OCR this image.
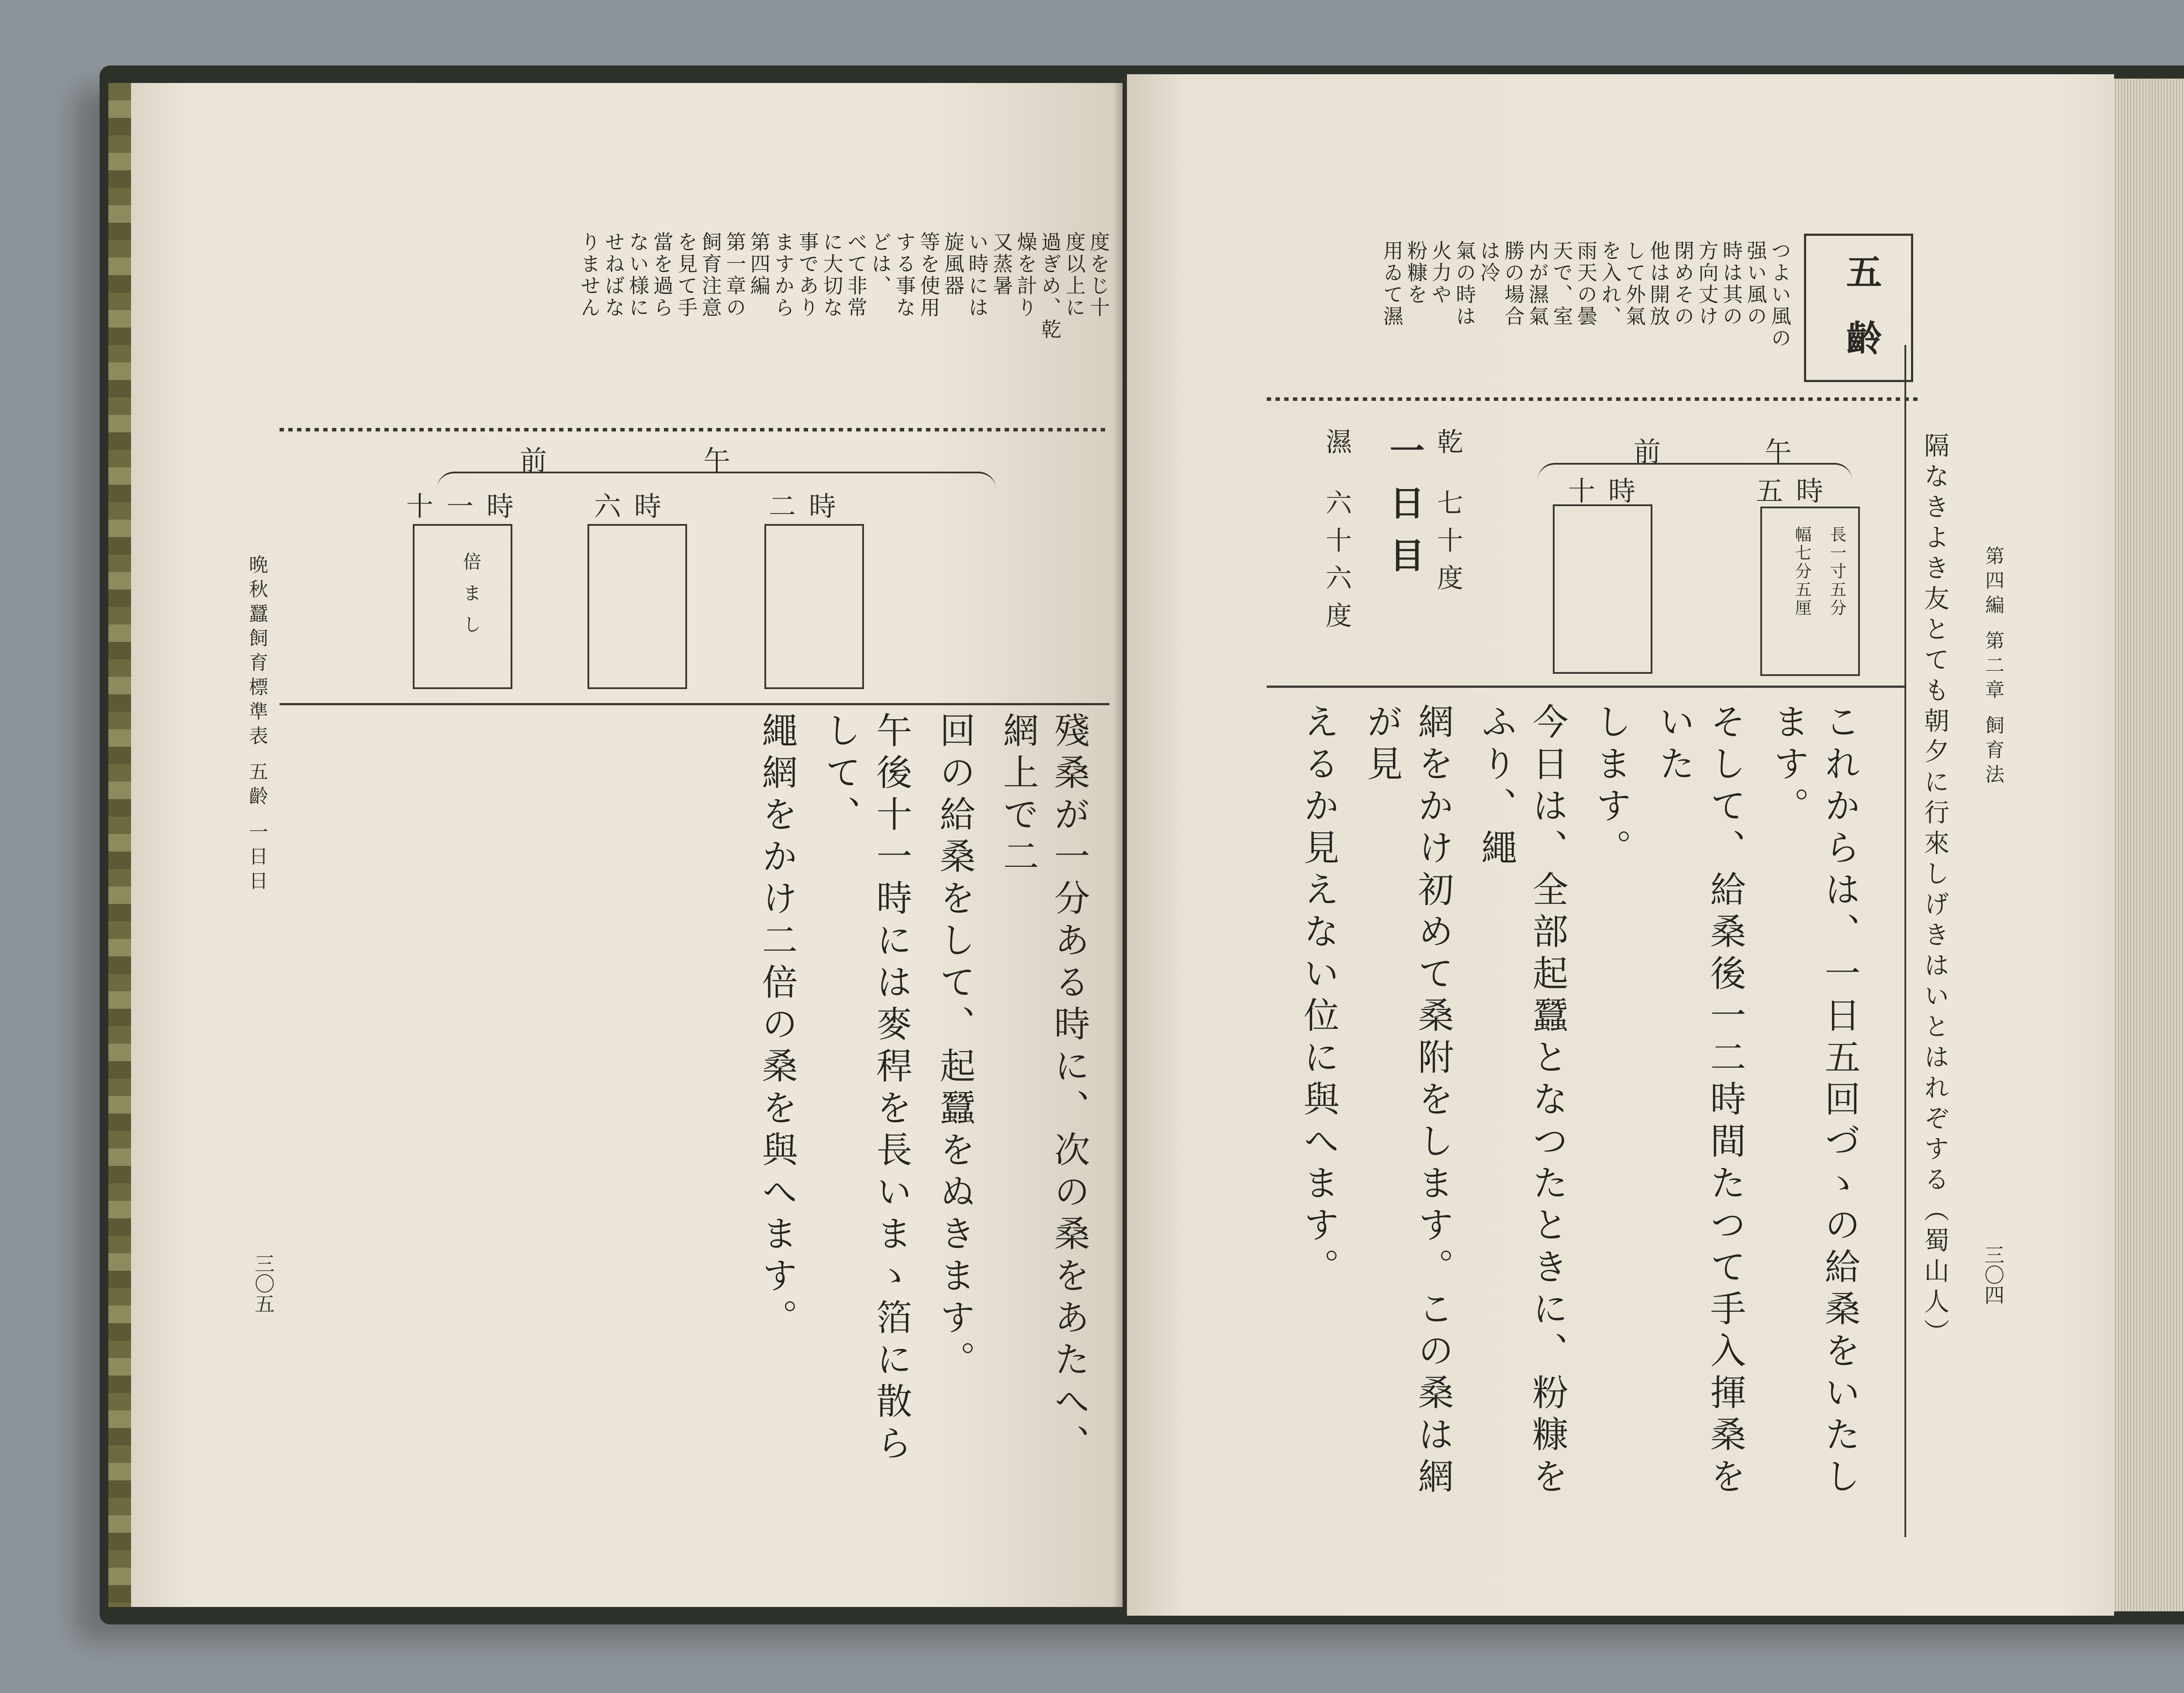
度をじ十
度以上に
過ぎめ、乾
燥を計り
又蒸暑
い時には
旋風器
等を使用
する事な
どは、
べて非常
に大切な
事であり
ますから
第四編
第一章の
飼育注意
を見て手
當を過ら
ない様に
せねばな
りません
午
前
二時
六時
十一時
倍まし
晩秋蠶飼育標準表 五齡 一日日	殘桑が一分ある時に、次の桑をあたへ、網上で二
回の給桑をして、起蠶をぬきます。
午後十一時には麥稈を長いまゝ箔に散らして、
繩網をかけ二倍の桑を與へます。
三〇五
五齡
つよい風の
强い風の
時は其の
方向丈け
閉めその
他は開放
して外氣
を入れ、
雨天の曇
天で、室
内が濕氣
勝の場合
は冷
氣の時は
火力や
粉糠を
用ゐて濕
隔なきよき友とても朝夕に行來しげきはいとはれぞする（蜀山人） 第四編 第二章 飼育法
午
前
五時
十時
長一寸五分
幅七分五厘
乾
七十度
一日目
濕
六十六度
これからは、一日五回づゝの給桑をいたします。
そして、給桑後一二時間たつて手入揮桑をいた
します。
今日は、全部起蠶となつたときに、粉糠をふり、繩
網をかけ初めて桑附をします。この桑は網が見
えるか見えない位に與へます。	三〇四
